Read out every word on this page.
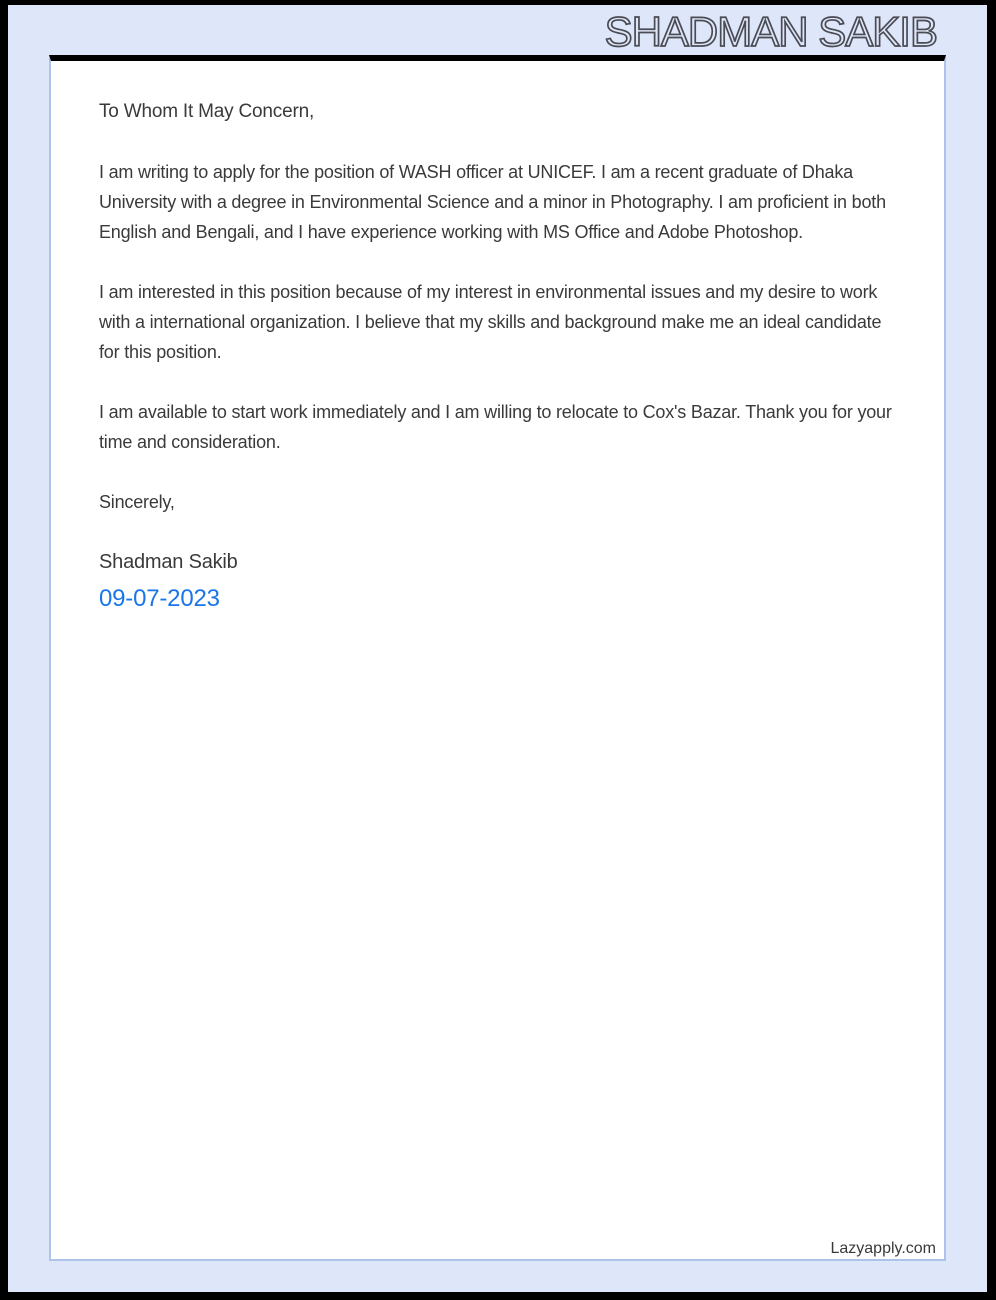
SHADMAN SAKIB

To Whom It May Concern,

I am writing to apply for the position of WASH officer at UNICEF. I am a recent graduate of Dhaka University with a degree in Environmental Science and a minor in Photography. I am proficient in both English and Bengali, and I have experience working with MS Office and Adobe Photoshop.

I am interested in this position because of my interest in environmental issues and my desire to work with a international organization. I believe that my skills and background make me an ideal candidate for this position.

I am available to start work immediately and I am willing to relocate to Cox's Bazar. Thank you for your time and consideration.

Sincerely,

Shadman Sakib

09-07-2023

Lazyapply.com
